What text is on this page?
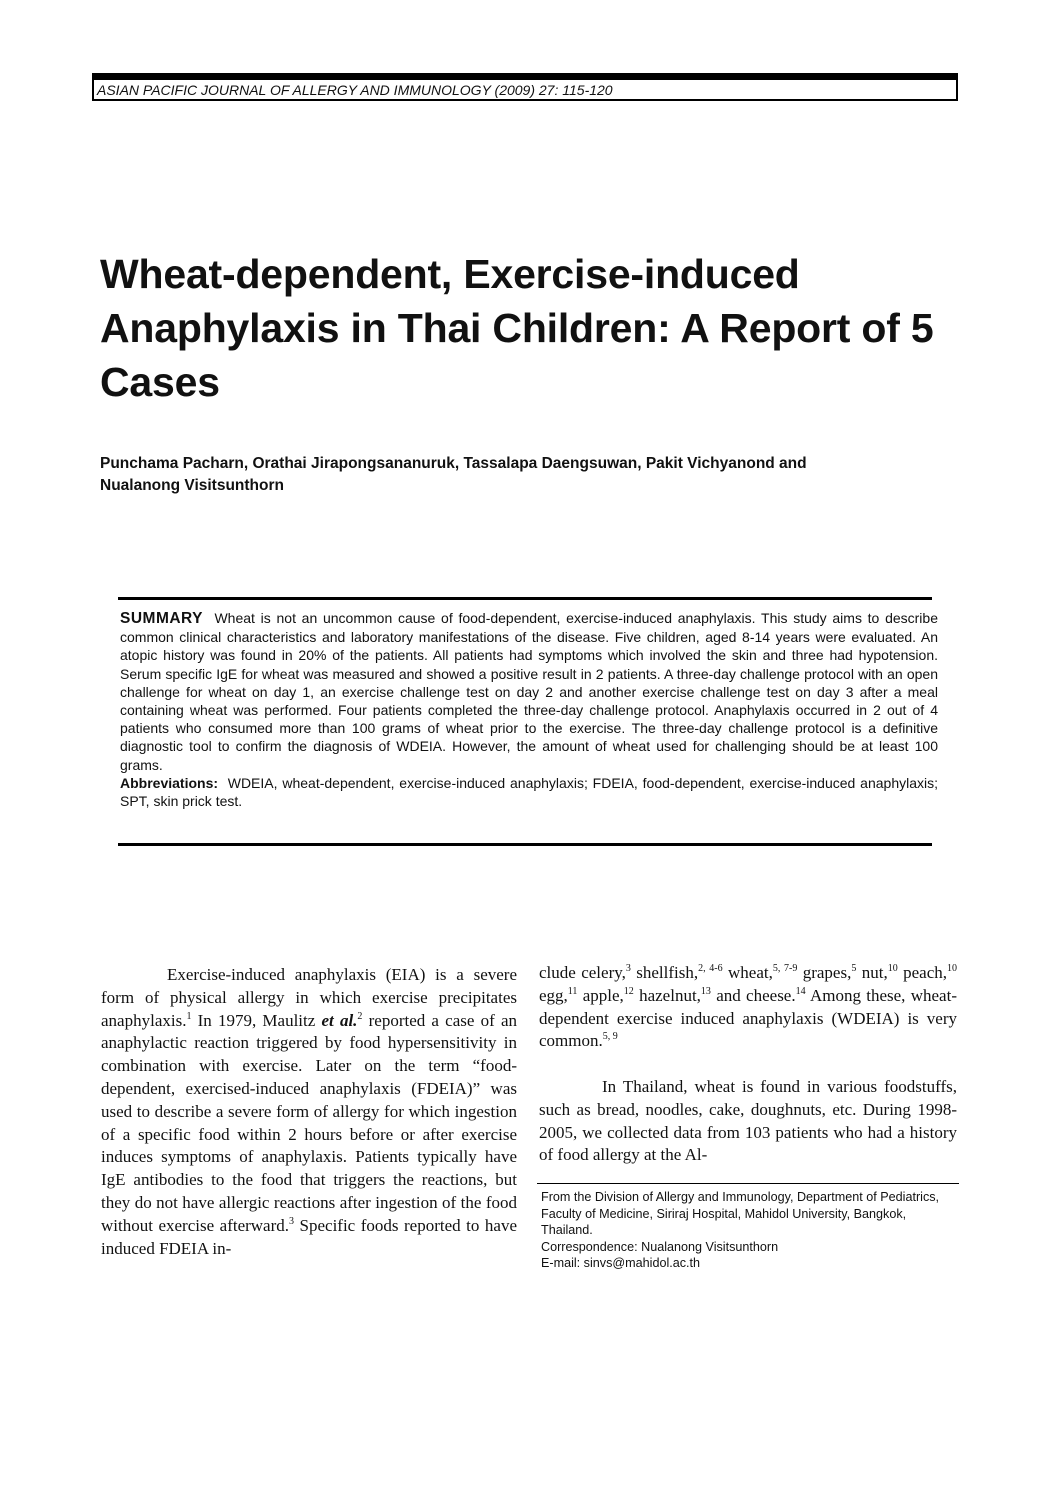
ASIAN PACIFIC JOURNAL OF ALLERGY AND IMMUNOLOGY (2009) 27: 115-120
Wheat-dependent, Exercise-induced Anaphylaxis in Thai Children: A Report of 5 Cases
Punchama Pacharn, Orathai Jirapongsananuruk, Tassalapa Daengsuwan, Pakit Vichyanond and
Nualanong Visitsunthorn
SUMMARY Wheat is not an uncommon cause of food-dependent, exercise-induced anaphylaxis. This study aims to describe common clinical characteristics and laboratory manifestations of the disease. Five children, aged 8-14 years were evaluated. An atopic history was found in 20% of the patients. All patients had symptoms which involved the skin and three had hypotension. Serum specific IgE for wheat was measured and showed a positive result in 2 patients. A three-day challenge protocol with an open challenge for wheat on day 1, an exercise challenge test on day 2 and another exercise challenge test on day 3 after a meal containing wheat was performed. Four patients completed the three-day challenge protocol. Anaphylaxis occurred in 2 out of 4 patients who consumed more than 100 grams of wheat prior to the exercise. The three-day challenge protocol is a definitive diagnostic tool to confirm the diagnosis of WDEIA. However, the amount of wheat used for challenging should be at least 100 grams.
Abbreviations: WDEIA, wheat-dependent, exercise-induced anaphylaxis; FDEIA, food-dependent, exercise-induced anaphylaxis; SPT, skin prick test.

Exercise-induced anaphylaxis (EIA) is a severe form of physical allergy in which exercise precipitates anaphylaxis.$^1$ In 1979, Maulitz et al.$^2$ reported a case of an anaphylactic reaction triggered by food hypersensitivity in combination with exercise. Later on the term “food-dependent, exercised-induced anaphylaxis (FDEIA)” was used to describe a severe form of allergy for which ingestion of a specific food within 2 hours before or after exercise induces symptoms of anaphylaxis. Patients typically have IgE antibodies to the food that triggers the reactions, but they do not have allergic reactions after ingestion of the food without exercise afterward.$^3$ Specific foods reported to have induced FDEIA in-

clude celery,$^3$ shellfish,$^{2, 4-6}$ wheat,$^{5, 7-9}$ grapes,$^5$ nut,$^{10}$ peach,$^{10}$ egg,$^{11}$ apple,$^{12}$ hazelnut,$^{13}$ and cheese.$^{14}$ Among these, wheat-dependent exercise induced anaphylaxis (WDEIA) is very common.$^{5, 9}$

In Thailand, wheat is found in various foodstuffs, such as bread, noodles, cake, doughnuts, etc. During 1998-2005, we collected data from 103 patients who had a history of food allergy at the Al-

From the Division of Allergy and Immunology, Department of Pediatrics, Faculty of Medicine, Siriraj Hospital, Mahidol University, Bangkok, Thailand.
Correspondence: Nualanong Visitsunthorn
E-mail: sinvs@mahidol.ac.th
